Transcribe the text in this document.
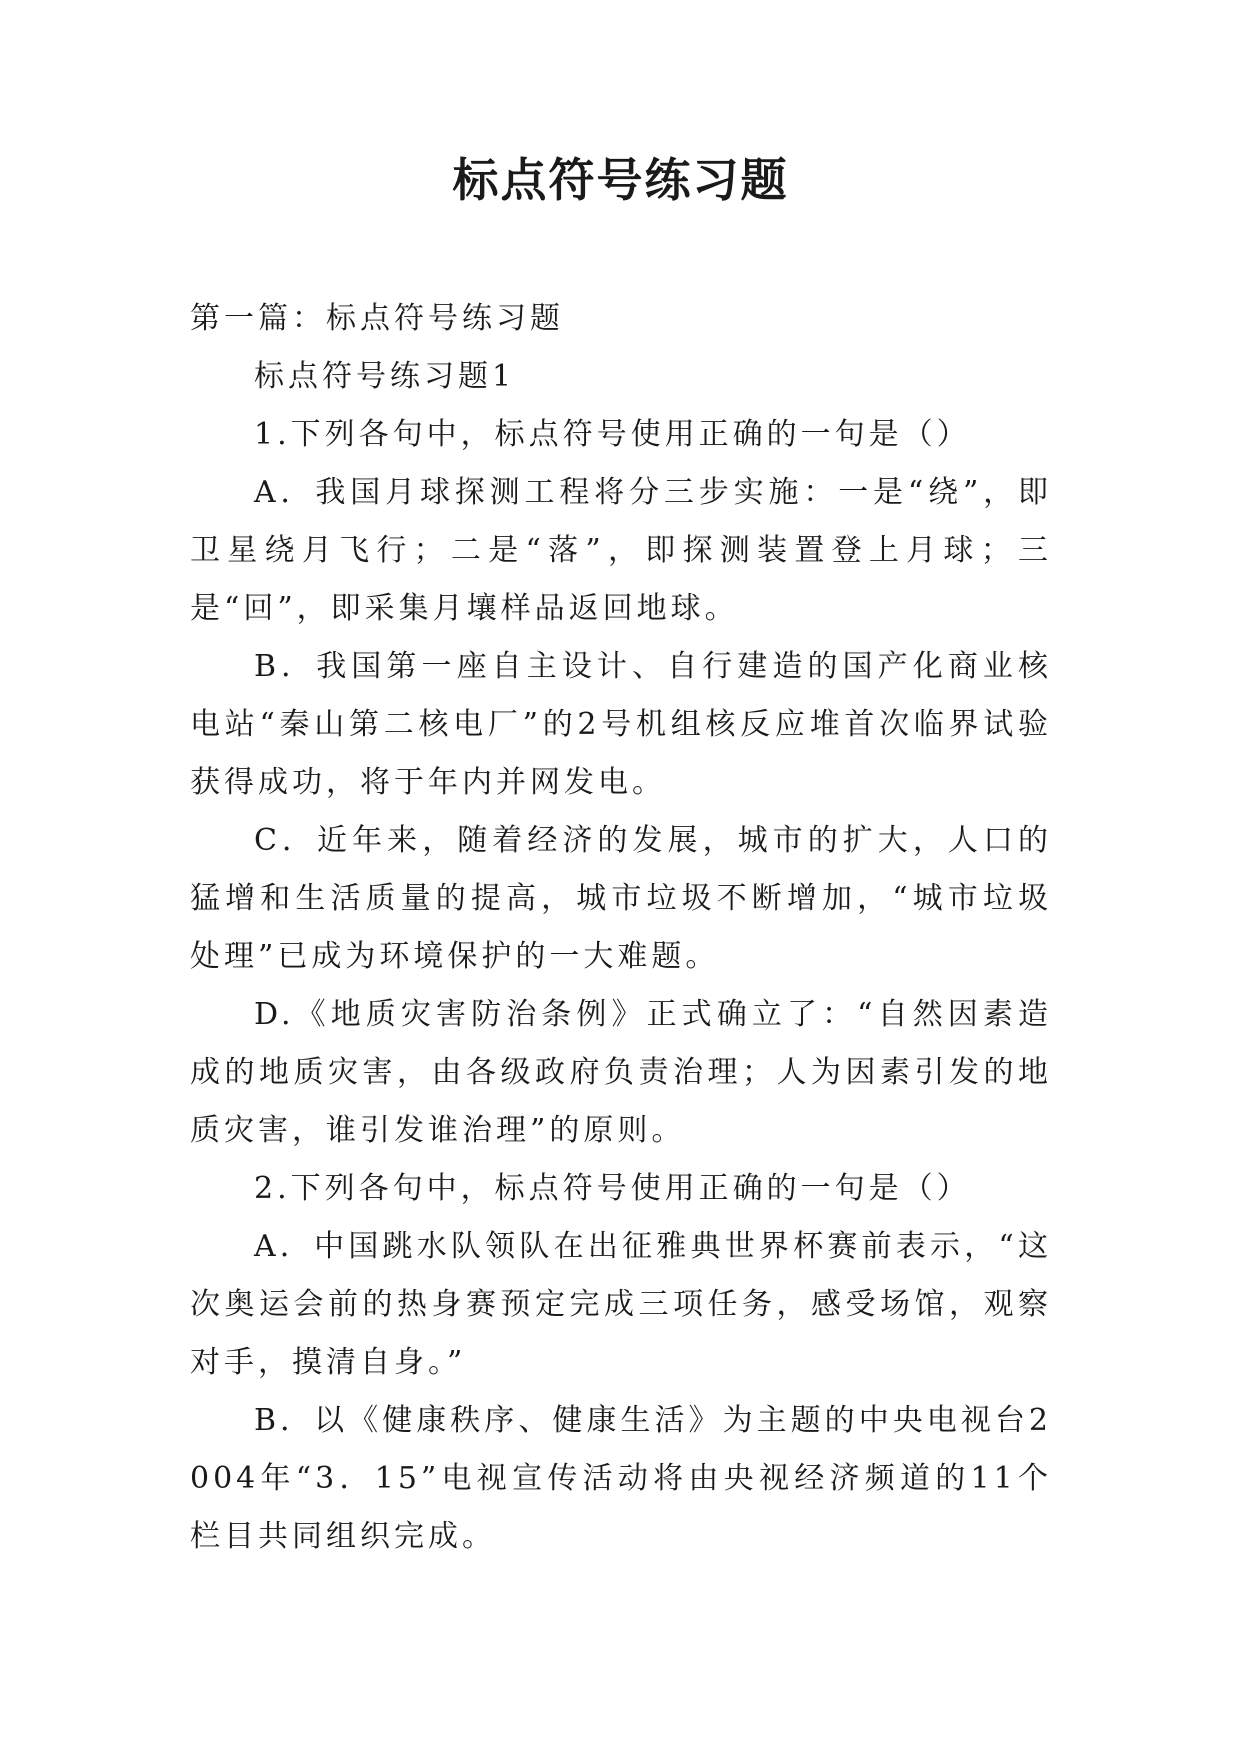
标点符号练习题

第一篇：标点符号练习题

标点符号练习题1

1.下列各句中，标点符号使用正确的一句是（）

A．我国月球探测工程将分三步实施：一是“绕”，即卫星绕月飞行；二是“落”，即探测装置登上月球；三是“回”，即采集月壤样品返回地球。

B．我国第一座自主设计、自行建造的国产化商业核电站“秦山第二核电厂”的2号机组核反应堆首次临界试验获得成功，将于年内并网发电。

C．近年来，随着经济的发展，城市的扩大，人口的猛增和生活质量的提高，城市垃圾不断增加，“城市垃圾处理”已成为环境保护的一大难题。

D.《地质灾害防治条例》正式确立了：“自然因素造成的地质灾害，由各级政府负责治理；人为因素引发的地质灾害，谁引发谁治理”的原则。

2.下列各句中，标点符号使用正确的一句是（）

A．中国跳水队领队在出征雅典世界杯赛前表示，“这次奥运会前的热身赛预定完成三项任务，感受场馆，观察对手，摸清自身。”

B．以《健康秩序、健康生活》为主题的中央电视台2004年“3．15”电视宣传活动将由央视经济频道的11个栏目共同组织完成。
